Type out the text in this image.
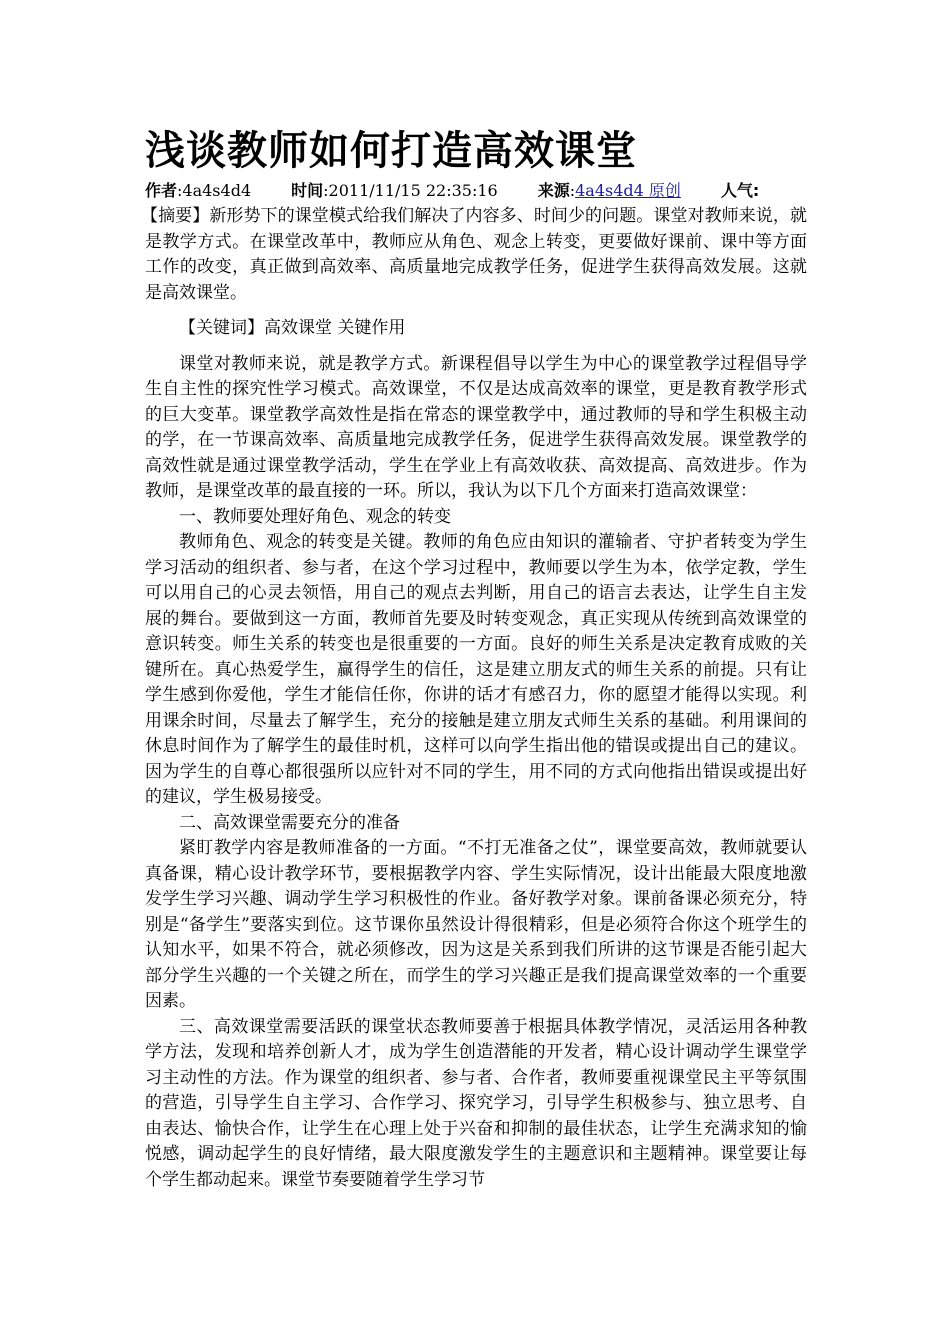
浅谈教师如何打造高效课堂
作者:4a4s4d4	时间:2011/11/15 22:35:16	来源:4a4s4d4 原创	人气:

【摘要】新形势下的课堂模式给我们解决了内容多、时间少的问题。课堂对教师来说，就是教学方式。在课堂改革中，教师应从角色、观念上转变，更要做好课前、课中等方面工作的改变，真正做到高效率、高质量地完成教学任务，促进学生获得高效发展。这就是高效课堂。

【关键词】高效课堂 关键作用

课堂对教师来说，就是教学方式。新课程倡导以学生为中心的课堂教学过程倡导学生自主性的探究性学习模式。高效课堂，不仅是达成高效率的课堂，更是教育教学形式的巨大变革。课堂教学高效性是指在常态的课堂教学中，通过教师的导和学生积极主动的学，在一节课高效率、高质量地完成教学任务，促进学生获得高效发展。课堂教学的高效性就是通过课堂教学活动，学生在学业上有高效收获、高效提高、高效进步。作为教师，是课堂改革的最直接的一环。所以，我认为以下几个方面来打造高效课堂：

一、教师要处理好角色、观念的转变

教师角色、观念的转变是关键。教师的角色应由知识的灌输者、守护者转变为学生学习活动的组织者、参与者，在这个学习过程中，教师要以学生为本，依学定教，学生可以用自己的心灵去领悟，用自己的观点去判断，用自己的语言去表达，让学生自主发展的舞台。要做到这一方面，教师首先要及时转变观念，真正实现从传统到高效课堂的意识转变。师生关系的转变也是很重要的一方面。良好的师生关系是决定教育成败的关键所在。真心热爱学生，赢得学生的信任，这是建立朋友式的师生关系的前提。只有让学生感到你爱他，学生才能信任你，你讲的话才有感召力，你的愿望才能得以实现。利用课余时间，尽量去了解学生，充分的接触是建立朋友式师生关系的基础。利用课间的休息时间作为了解学生的最佳时机，这样可以向学生指出他的错误或提出自己的建议。因为学生的自尊心都很强所以应针对不同的学生，用不同的方式向他指出错误或提出好的建议，学生极易接受。

二、高效课堂需要充分的准备

紧盯教学内容是教师准备的一方面。“不打无准备之仗”，课堂要高效，教师就要认真备课，精心设计教学环节，要根据教学内容、学生实际情况，设计出能最大限度地激发学生学习兴趣、调动学生学习积极性的作业。备好教学对象。课前备课必须充分，特别是“备学生”要落实到位。这节课你虽然设计得很精彩，但是必须符合你这个班学生的认知水平，如果不符合，就必须修改，因为这是关系到我们所讲的这节课是否能引起大部分学生兴趣的一个关键之所在，而学生的学习兴趣正是我们提高课堂效率的一个重要因素。

三、高效课堂需要活跃的课堂状态教师要善于根据具体教学情况，灵活运用各种教学方法，发现和培养创新人才，成为学生创造潜能的开发者，精心设计调动学生课堂学习主动性的方法。作为课堂的组织者、参与者、合作者，教师要重视课堂民主平等氛围的营造，引导学生自主学习、合作学习、探究学习，引导学生积极参与、独立思考、自由表达、愉快合作，让学生在心理上处于兴奋和抑制的最佳状态，让学生充满求知的愉悦感，调动起学生的良好情绪，最大限度激发学生的主题意识和主题精神。课堂要让每个学生都动起来。课堂节奏要随着学生学习节
